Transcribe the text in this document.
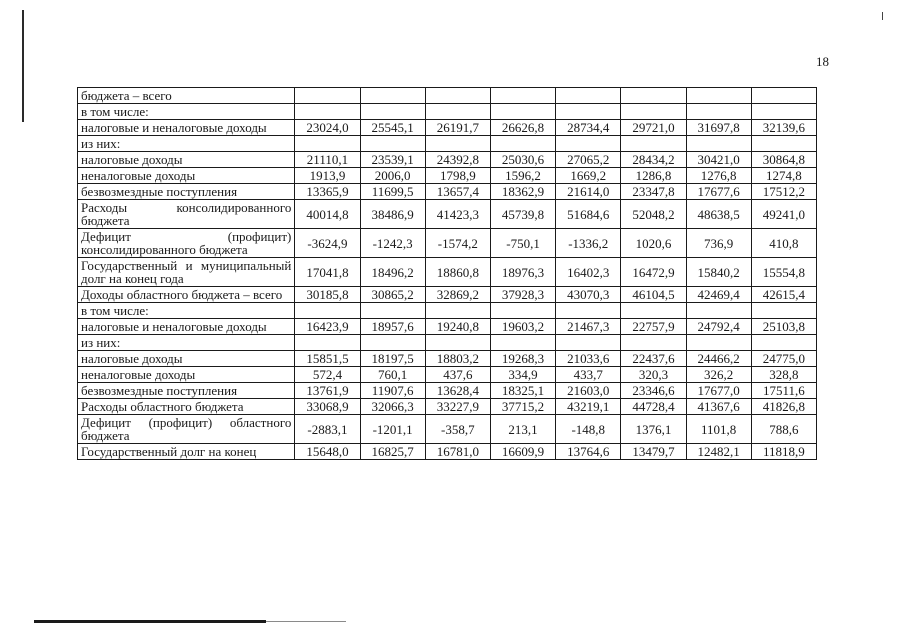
18
бюджета – всего								
в том числе:								
налоговые и неналоговые доходы	23024,0	25545,1	26191,7	26626,8	28734,4	29721,0	31697,8	32139,6
из них:								
налоговые доходы	21110,1	23539,1	24392,8	25030,6	27065,2	28434,2	30421,0	30864,8
неналоговые доходы	1913,9	2006,0	1798,9	1596,2	1669,2	1286,8	1276,8	1274,8
безвозмездные поступления	13365,9	11699,5	13657,4	18362,9	21614,0	23347,8	17677,6	17512,2
Расходы консолидированного бюджета	40014,8	38486,9	41423,3	45739,8	51684,6	52048,2	48638,5	49241,0
Дефицит (профицит) консолидированного бюджета	-3624,9	-1242,3	-1574,2	-750,1	-1336,2	1020,6	736,9	410,8
Государственный и муниципальный долг на конец года	17041,8	18496,2	18860,8	18976,3	16402,3	16472,9	15840,2	15554,8
Доходы областного бюджета – всего	30185,8	30865,2	32869,2	37928,3	43070,3	46104,5	42469,4	42615,4
в том числе:								
налоговые и неналоговые доходы	16423,9	18957,6	19240,8	19603,2	21467,3	22757,9	24792,4	25103,8
из них:								
налоговые доходы	15851,5	18197,5	18803,2	19268,3	21033,6	22437,6	24466,2	24775,0
неналоговые доходы	572,4	760,1	437,6	334,9	433,7	320,3	326,2	328,8
безвозмездные поступления	13761,9	11907,6	13628,4	18325,1	21603,0	23346,6	17677,0	17511,6
Расходы областного бюджета	33068,9	32066,3	33227,9	37715,2	43219,1	44728,4	41367,6	41826,8
Дефицит (профицит) областного бюджета	-2883,1	-1201,1	-358,7	213,1	-148,8	1376,1	1101,8	788,6
Государственный долг на конец	15648,0	16825,7	16781,0	16609,9	13764,6	13479,7	12482,1	11818,9
